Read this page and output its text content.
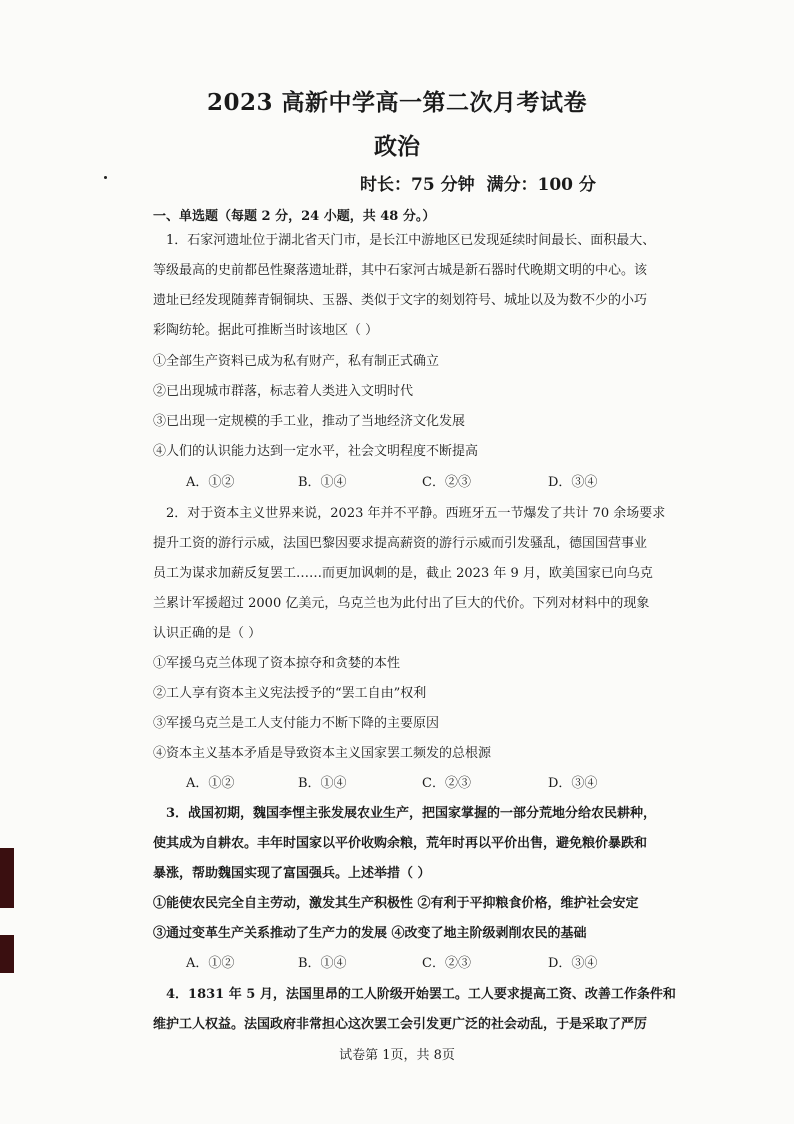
2023 高新中学高一第二次月考试卷
政治
时长：75 分钟 满分：100 分
一、单选题（每题 2 分，24 小题，共 48 分。）
1．石家河遗址位于湖北省天门市，是长江中游地区已发现延续时间最长、面积最大、
等级最高的史前都邑性聚落遗址群，其中石家河古城是新石器时代晚期文明的中心。该
遗址已经发现随葬青铜铜块、玉器、类似于文字的刻划符号、城址以及为数不少的小巧
彩陶纺轮。据此可推断当时该地区（ ）
①全部生产资料已成为私有财产，私有制正式确立
②已出现城市群落，标志着人类进入文明时代
③已出现一定规模的手工业，推动了当地经济文化发展
④人们的认识能力达到一定水平，社会文明程度不断提高
A．①②	B．①④	C．②③	D．③④
2．对于资本主义世界来说，2023 年并不平静。西班牙五一节爆发了共计 70 余场要求
提升工资的游行示威，法国巴黎因要求提高薪资的游行示威而引发骚乱，德国国营事业
员工为谋求加薪反复罢工……而更加讽刺的是，截止 2023 年 9 月，欧美国家已向乌克
兰累计军援超过 2000 亿美元，乌克兰也为此付出了巨大的代价。下列对材料中的现象
认识正确的是（ ）
①军援乌克兰体现了资本掠夺和贪婪的本性
②工人享有资本主义宪法授予的“罢工自由”权利
③军援乌克兰是工人支付能力不断下降的主要原因
④资本主义基本矛盾是导致资本主义国家罢工频发的总根源
A．①②	B．①④	C．②③	D．③④
3．战国初期，魏国李悝主张发展农业生产，把国家掌握的一部分荒地分给农民耕种，
使其成为自耕农。丰年时国家以平价收购余粮，荒年时再以平价出售，避免粮价暴跌和
暴涨，帮助魏国实现了富国强兵。上述举措（ ）
①能使农民完全自主劳动，激发其生产积极性 ②有利于平抑粮食价格，维护社会安定
③通过变革生产关系推动了生产力的发展 ④改变了地主阶级剥削农民的基础
A．①②	B．①④	C．②③	D．③④
4．1831 年 5 月，法国里昂的工人阶级开始罢工。工人要求提高工资、改善工作条件和
维护工人权益。法国政府非常担心这次罢工会引发更广泛的社会动乱，于是采取了严厉
试卷第 1页，共 8页
